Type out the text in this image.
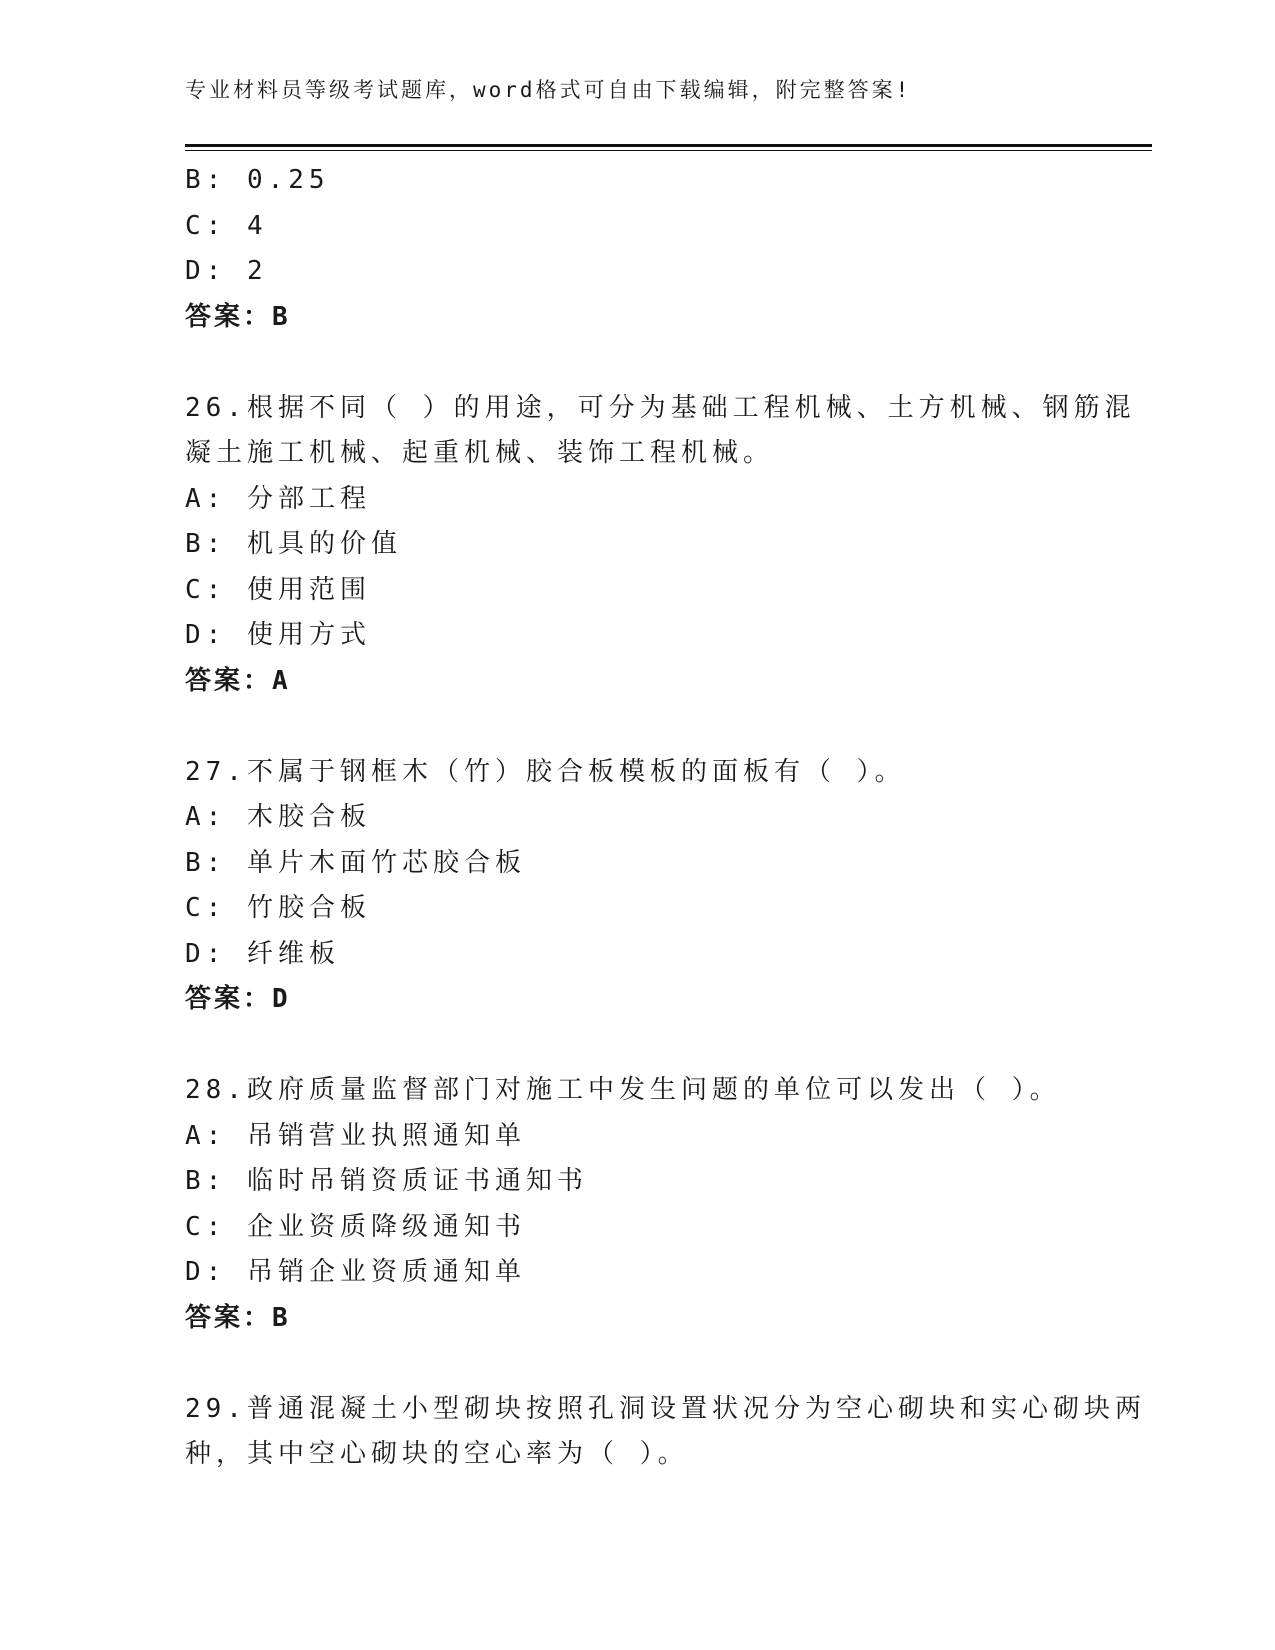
专业材料员等级考试题库，word格式可自由下载编辑，附完整答案!
B: 0.25
C: 4
D: 2
答案：B
26.根据不同（ ）的用途，可分为基础工程机械、土方机械、钢筋混
凝土施工机械、起重机械、装饰工程机械。
A: 分部工程
B: 机具的价值
C: 使用范围
D: 使用方式
答案：A
27.不属于钢框木（竹）胶合板模板的面板有（ ）。
A: 木胶合板
B: 单片木面竹芯胶合板
C: 竹胶合板
D: 纤维板
答案：D
28.政府质量监督部门对施工中发生问题的单位可以发出（ ）。
A: 吊销营业执照通知单
B: 临时吊销资质证书通知书
C: 企业资质降级通知书
D: 吊销企业资质通知单
答案：B
29.普通混凝土小型砌块按照孔洞设置状况分为空心砌块和实心砌块两
种，其中空心砌块的空心率为（ ）。
